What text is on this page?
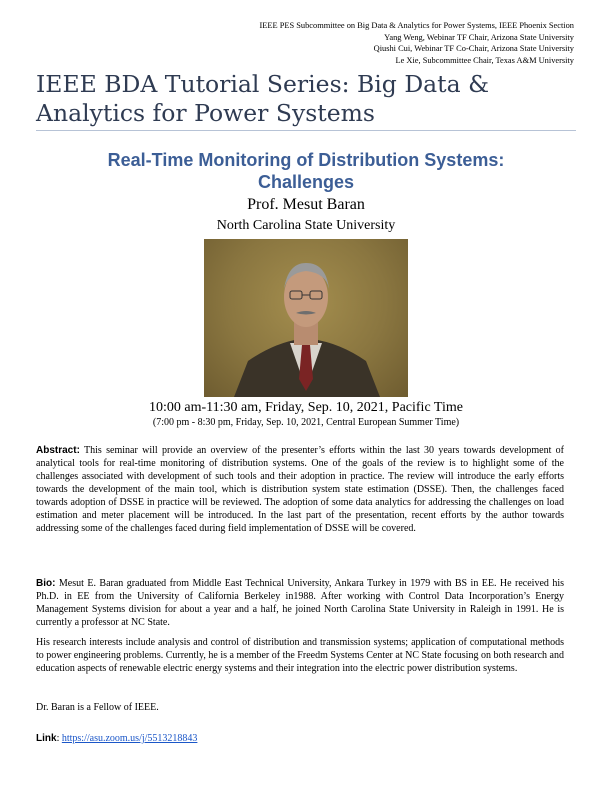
IEEE PES Subcommittee on Big Data & Analytics for Power Systems, IEEE Phoenix Section
Yang Weng, Webinar TF Chair, Arizona State University
Qiushi Cui, Webinar TF Co-Chair, Arizona State University
Le Xie, Subcommittee Chair, Texas A&M University
IEEE BDA Tutorial Series: Big Data & Analytics for Power Systems
Real-Time Monitoring of Distribution Systems:
Challenges
Prof. Mesut Baran
North Carolina State University
10:00 am-11:30 am, Friday, Sep. 10, 2021, Pacific Time
(7:00 pm - 8:30 pm, Friday, Sep. 10, 2021, Central European Summer Time)
Abstract: This seminar will provide an overview of the presenter’s efforts within the last 30 years towards development of analytical tools for real-time monitoring of distribution systems. One of the goals of the review is to highlight some of the challenges associated with development of such tools and their adoption in practice. The review will introduce the early efforts towards the development of the main tool, which is distribution system state estimation (DSSE). Then, the challenges faced towards adoption of DSSE in practice will be reviewed. The adoption of some data analytics for addressing the challenges on load estimation and meter placement will be introduced. In the last part of the presentation, recent efforts by the author towards addressing some of the challenges faced during field implementation of DSSE will be covered.
Bio: Mesut E. Baran graduated from Middle East Technical University, Ankara Turkey in 1979 with BS in EE. He received his Ph.D. in EE from the University of California Berkeley in1988. After working with Control Data Incorporation’s Energy Management Systems division for about a year and a half, he joined North Carolina State University in Raleigh in 1991. He is currently a professor at NC State.
His research interests include analysis and control of distribution and transmission systems; application of computational methods to power engineering problems. Currently, he is a member of the Freedm Systems Center at NC State focusing on both research and education aspects of renewable electric energy systems and their integration into the electric power distribution systems.
Dr. Baran is a Fellow of IEEE.
Link: https://asu.zoom.us/j/5513218843
